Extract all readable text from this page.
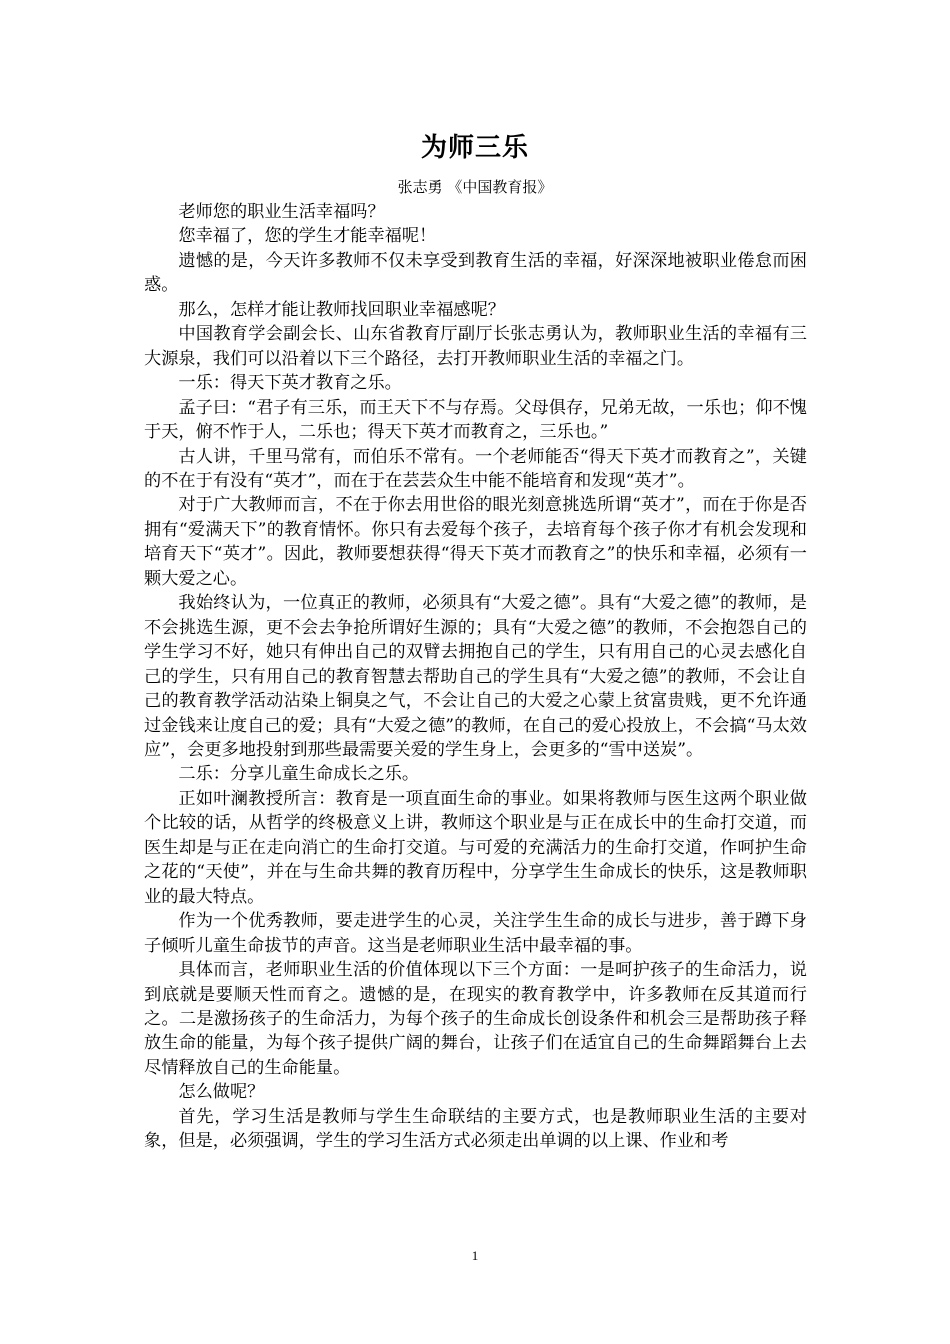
为师三乐
张志勇 《中国教育报》

老师您的职业生活幸福吗？

您幸福了，您的学生才能幸福呢！

遗憾的是，今天许多教师不仅未享受到教育生活的幸福，好深深地被职业倦怠而困惑。

那么，怎样才能让教师找回职业幸福感呢？

中国教育学会副会长、山东省教育厅副厅长张志勇认为，教师职业生活的幸福有三大源泉，我们可以沿着以下三个路径，去打开教师职业生活的幸福之门。

一乐：得天下英才教育之乐。

孟子曰：“君子有三乐，而王天下不与存焉。父母俱存，兄弟无故，一乐也；仰不愧于天，俯不怍于人，二乐也；得天下英才而教育之，三乐也。”

古人讲，千里马常有，而伯乐不常有。一个老师能否“得天下英才而教育之”，关键的不在于有没有“英才”，而在于在芸芸众生中能不能培育和发现“英才”。

对于广大教师而言，不在于你去用世俗的眼光刻意挑选所谓“英才”，而在于你是否拥有“爱满天下”的教育情怀。你只有去爱每个孩子，去培育每个孩子你才有机会发现和培育天下“英才”。因此，教师要想获得“得天下英才而教育之”的快乐和幸福，必须有一颗大爱之心。

我始终认为，一位真正的教师，必须具有“大爱之德”。具有“大爱之德”的教师，是不会挑选生源，更不会去争抢所谓好生源的；具有“大爱之德”的教师，不会抱怨自己的学生学习不好，她只有伸出自己的双臂去拥抱自己的学生，只有用自己的心灵去感化自己的学生，只有用自己的教育智慧去帮助自己的学生具有“大爱之德”的教师，不会让自己的教育教学活动沾染上铜臭之气，不会让自己的大爱之心蒙上贫富贵贱，更不允许通过金钱来让度自己的爱；具有“大爱之德”的教师，在自己的爱心投放上，不会搞“马太效应”，会更多地投射到那些最需要关爱的学生身上，会更多的“雪中送炭”。

二乐：分享儿童生命成长之乐。

正如叶澜教授所言：教育是一项直面生命的事业。如果将教师与医生这两个职业做个比较的话，从哲学的终极意义上讲，教师这个职业是与正在成长中的生命打交道，而医生却是与正在走向消亡的生命打交道。与可爱的充满活力的生命打交道，作呵护生命之花的“天使”，并在与生命共舞的教育历程中，分享学生生命成长的快乐，这是教师职业的最大特点。

作为一个优秀教师，要走进学生的心灵，关注学生生命的成长与进步，善于蹲下身子倾听儿童生命拔节的声音。这当是老师职业生活中最幸福的事。

具体而言，老师职业生活的价值体现以下三个方面：一是呵护孩子的生命活力，说到底就是要顺天性而育之。遗憾的是，在现实的教育教学中，许多教师在反其道而行之。二是激扬孩子的生命活力，为每个孩子的生命成长创设条件和机会三是帮助孩子释放生命的能量，为每个孩子提供广阔的舞台，让孩子们在适宜自己的生命舞蹈舞台上去尽情释放自己的生命能量。

怎么做呢？

首先，学习生活是教师与学生生命联结的主要方式，也是教师职业生活的主要对象，但是，必须强调，学生的学习生活方式必须走出单调的以上课、作业和考

1
